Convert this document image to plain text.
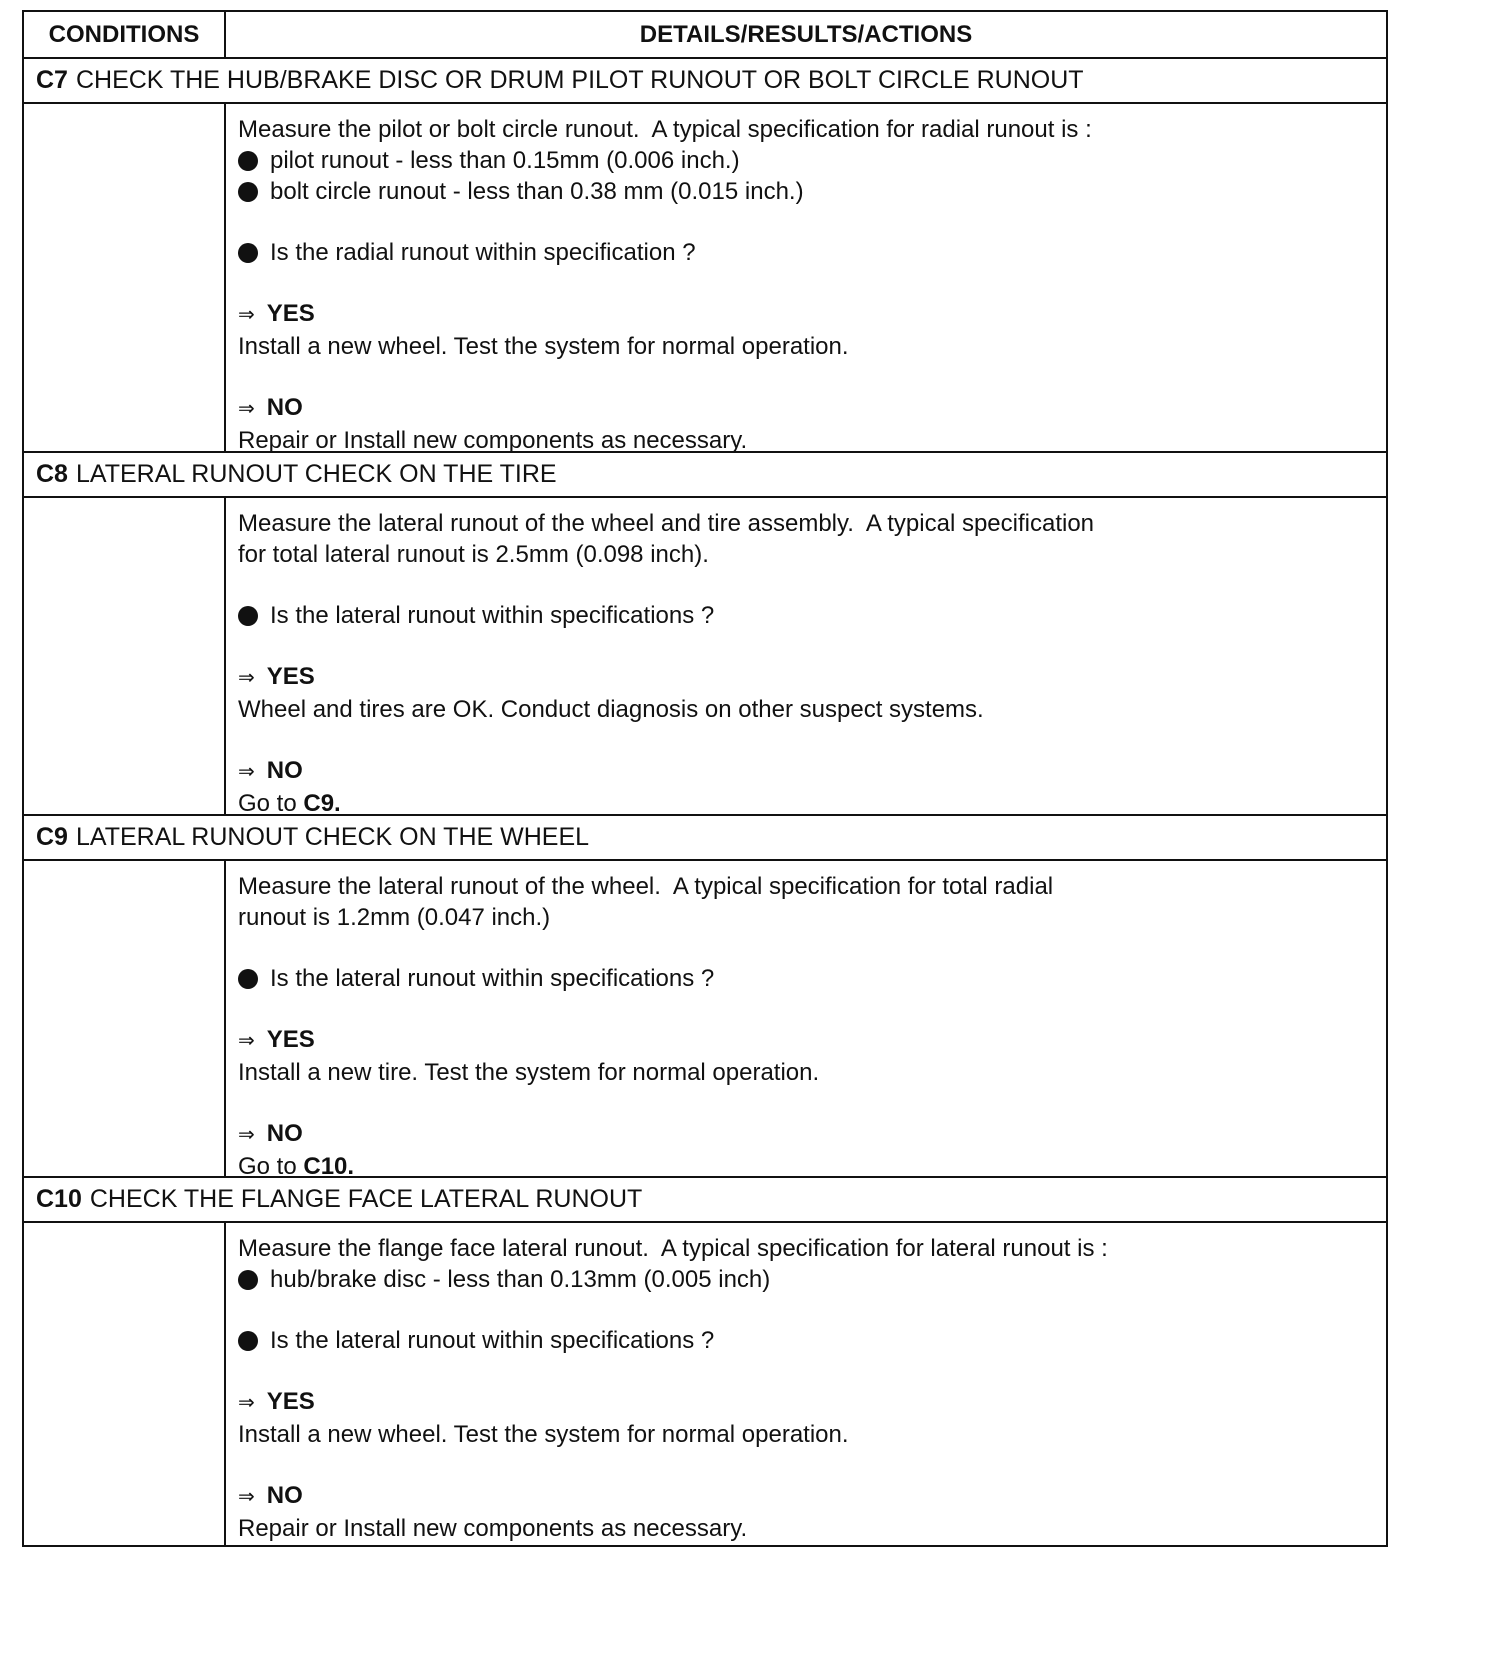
CONDITIONS	DETAILS/RESULTS/ACTIONS
C7 CHECK THE HUB/BRAKE DISC OR DRUM PILOT RUNOUT OR BOLT CIRCLE RUNOUT
Measure the pilot or bolt circle runout.  A typical specification for radial runout is :
pilot runout - less than 0.15mm (0.006 inch.)
bolt circle runout - less than 0.38 mm (0.015 inch.)
Is the radial runout within specification ?
⇒ YES
Install a new wheel. Test the system for normal operation.
⇒ NO
Repair or Install new components as necessary.
C8 LATERAL RUNOUT CHECK ON THE TIRE
Measure the lateral runout of the wheel and tire assembly.  A typical specification
for total lateral runout is 2.5mm (0.098 inch).
Is the lateral runout within specifications ?
⇒ YES
Wheel and tires are OK. Conduct diagnosis on other suspect systems.
⇒ NO
Go to C9.
C9 LATERAL RUNOUT CHECK ON THE WHEEL
Measure the lateral runout of the wheel.  A typical specification for total radial
runout is 1.2mm (0.047 inch.)
Is the lateral runout within specifications ?
⇒ YES
Install a new tire. Test the system for normal operation.
⇒ NO
Go to C10.
C10 CHECK THE FLANGE FACE LATERAL RUNOUT
Measure the flange face lateral runout.  A typical specification for lateral runout is :
hub/brake disc - less than 0.13mm (0.005 inch)
Is the lateral runout within specifications ?
⇒ YES
Install a new wheel. Test the system for normal operation.
⇒ NO
Repair or Install new components as necessary.
